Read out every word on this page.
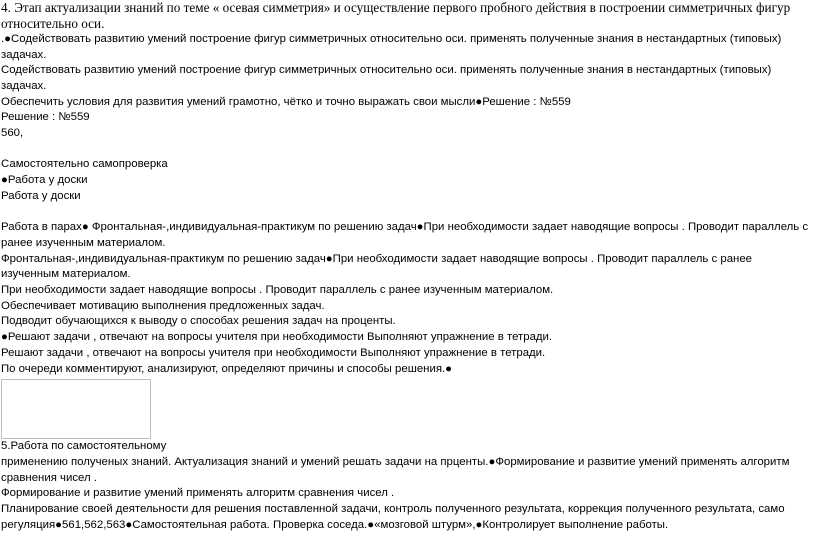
4. Этап актуализации знаний по теме « осевая симметрия» и осуществление первого пробного действия в построении симметричных фигур относительно оси.

.●Содействовать развитию умений построение фигур симметричных относительно оси. применять полученные знания в нестандартных (типовых) задачах.

Содействовать развитию умений построение фигур симметричных относительно оси. применять полученные знания в нестандартных (типовых) задачах.

Обеспечить условия для развития умений грамотно, чётко и точно выражать свои мысли●Решение : №559

Решение : №559

560,

Самостоятельно самопроверка

●Работа у доски

Работа у доски

Работа в парах● Фронтальная-,индивидуальная-практикум по решению задач●При необходимости задает наводящие вопросы . Проводит параллель с ранее изученным материалом.

Фронтальная-,индивидуальная-практикум по решению задач●При необходимости задает наводящие вопросы . Проводит параллель с ранее изученным материалом.

При необходимости задает наводящие вопросы . Проводит параллель с ранее изученным материалом.

Обеспечивает мотивацию выполнения предложенных задач.

Подводит обучающихся к выводу о способах решения задач на проценты.

●Решают задачи , отвечают на вопросы учителя при необходимости Выполняют упражнение в тетради.

Решают задачи , отвечают на вопросы учителя при необходимости Выполняют упражнение в тетради.

По очереди комментируют, анализируют, определяют причины и способы решения.●

5.Работа по самостоятельному

применению полученых знаний. Актуализация знаний и умений решать задачи на прценты.●Формирование и развитие умений применять алгоритм сравнения чисел .

Формирование и развитие умений применять алгоритм сравнения чисел .

Планирование своей деятельности для решения поставленной задачи, контроль полученного результата, коррекция полученного результата, само регуляция●561,562,563●Самостоятельная работа. Проверка соседа.●«мозговой штурм»,●Контролирует выполнение работы.
